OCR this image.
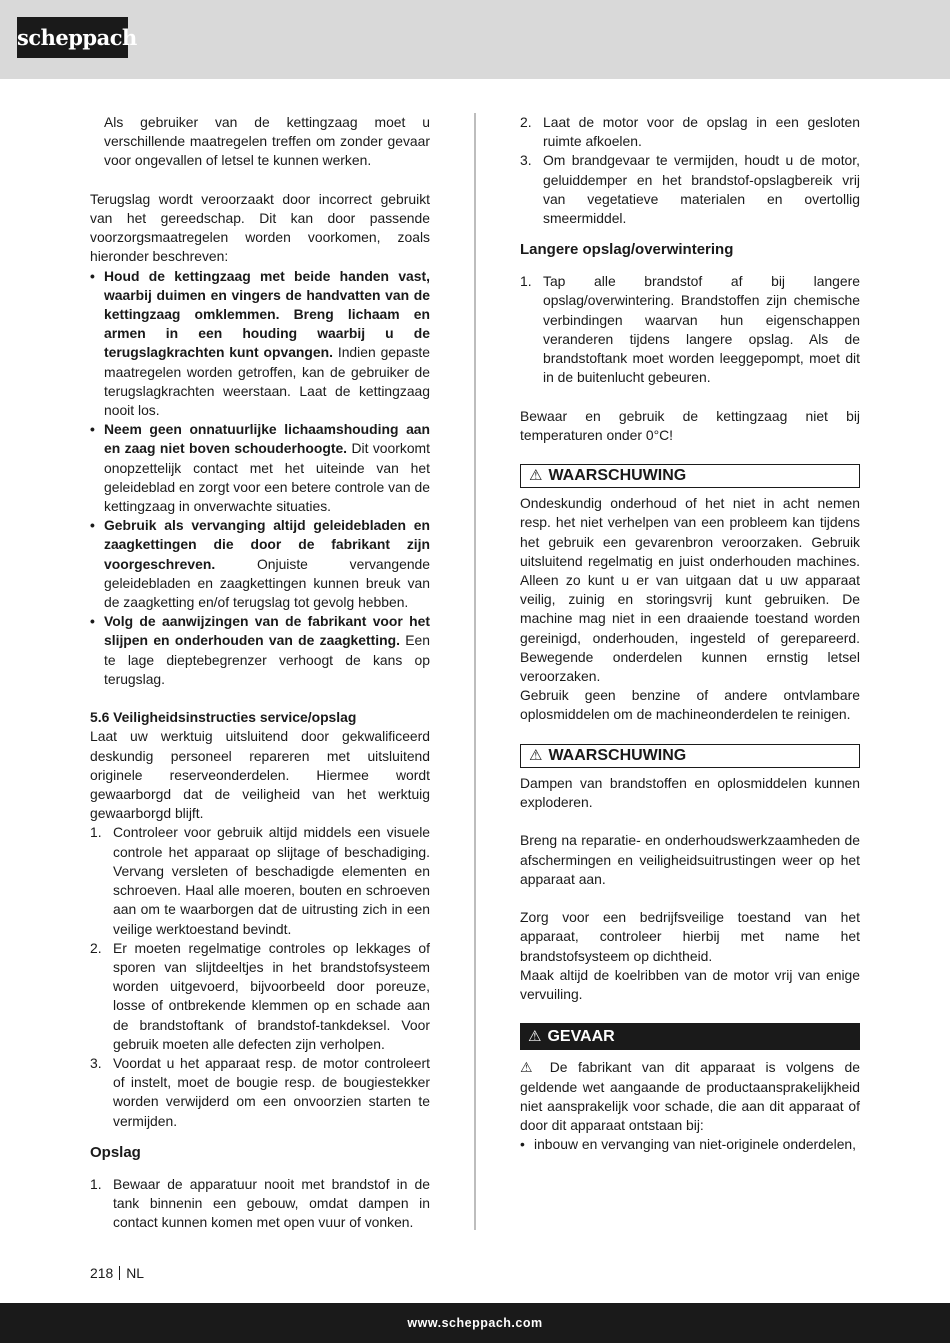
scheppach

Als gebruiker van de kettingzaag moet u verschillende maatregelen treffen om zonder gevaar voor ongevallen of letsel te kunnen werken.

Terugslag wordt veroorzaakt door incorrect gebruikt van het gereedschap. Dit kan door passende voorzorgsmaatregelen worden voorkomen, zoals hieronder beschreven:

• Houd de kettingzaag met beide handen vast, waarbij duimen en vingers de handvatten van de kettingzaag omklemmen. Breng lichaam en armen in een houding waarbij u de terugslagkrachten kunt opvangen. Indien gepaste maatregelen worden getroffen, kan de gebruiker de terugslagkrachten weerstaan. Laat de kettingzaag nooit los.

• Neem geen onnatuurlijke lichaamshouding aan en zaag niet boven schouderhoogte. Dit voorkomt onopzettelijk contact met het uiteinde van het geleideblad en zorgt voor een betere controle van de kettingzaag in onverwachte situaties.

• Gebruik als vervanging altijd geleidebladen en zaagkettingen die door de fabrikant zijn voorgeschreven. Onjuiste vervangende geleidebladen en zaagkettingen kunnen breuk van de zaagketting en/of terugslag tot gevolg hebben.

• Volg de aanwijzingen van de fabrikant voor het slijpen en onderhouden van de zaagketting. Een te lage dieptebegrenzer verhoogt de kans op terugslag.

5.6 Veiligheidsinstructies service/opslag

Laat uw werktuig uitsluitend door gekwalificeerd deskundig personeel repareren met uitsluitend originele reserveonderdelen. Hiermee wordt gewaarborgd dat de veiligheid van het werktuig gewaarborgd blijft.

1. Controleer voor gebruik altijd middels een visuele controle het apparaat op slijtage of beschadiging. Vervang versleten of beschadigde elementen en schroeven. Haal alle moeren, bouten en schroeven aan om te waarborgen dat de uitrusting zich in een veilige werktoestand bevindt.

2. Er moeten regelmatige controles op lekkages of sporen van slijtdeeltjes in het brandstofsysteem worden uitgevoerd, bijvoorbeeld door poreuze, losse of ontbrekende klemmen op en schade aan de brandstoftank of brandstof-tankdeksel. Voor gebruik moeten alle defecten zijn verholpen.

3. Voordat u het apparaat resp. de motor controleert of instelt, moet de bougie resp. de bougiestekker worden verwijderd om een onvoorzien starten te vermijden.

Opslag

1. Bewaar de apparatuur nooit met brandstof in de tank binnenin een gebouw, omdat dampen in contact kunnen komen met open vuur of vonken.

2. Laat de motor voor de opslag in een gesloten ruimte afkoelen.

3. Om brandgevaar te vermijden, houdt u de motor, geluiddemper en het brandstof-opslagbereik vrij van vegetatieve materialen en overtollig smeermiddel.

Langere opslag/overwintering

1. Tap alle brandstof af bij langere opslag/overwintering. Brandstoffen zijn chemische verbindingen waarvan hun eigenschappen veranderen tijdens langere opslag. Als de brandstoftank moet worden leeggepompt, moet dit in de buitenlucht gebeuren.

Bewaar en gebruik de kettingzaag niet bij temperaturen onder 0°C!

⚠ WAARSCHUWING

Ondeskundig onderhoud of het niet in acht nemen resp. het niet verhelpen van een probleem kan tijdens het gebruik een gevarenbron veroorzaken. Gebruik uitsluitend regelmatig en juist onderhouden machines. Alleen zo kunt u er van uitgaan dat u uw apparaat veilig, zuinig en storingsvrij kunt gebruiken. De machine mag niet in een draaiende toestand worden gereinigd, onderhouden, ingesteld of gerepareerd. Bewegende onderdelen kunnen ernstig letsel veroorzaken.

Gebruik geen benzine of andere ontvlambare oplosmiddelen om de machineonderdelen te reinigen.

⚠ WAARSCHUWING

Dampen van brandstoffen en oplosmiddelen kunnen exploderen.

Breng na reparatie- en onderhoudswerkzaamheden de afschermingen en veiligheidsuitrustingen weer op het apparaat aan.

Zorg voor een bedrijfsveilige toestand van het apparaat, controleer hierbij met name het brandstofsysteem op dichtheid.

Maak altijd de koelribben van de motor vrij van enige vervuiling.

⚠ GEVAAR

⚠ De fabrikant van dit apparaat is volgens de geldende wet aangaande de productaansprakelijkheid niet aansprakelijk voor schade, die aan dit apparaat of door dit apparaat ontstaan bij:

• inbouw en vervanging van niet-originele onderdelen,

218 NL
www.scheppach.com
